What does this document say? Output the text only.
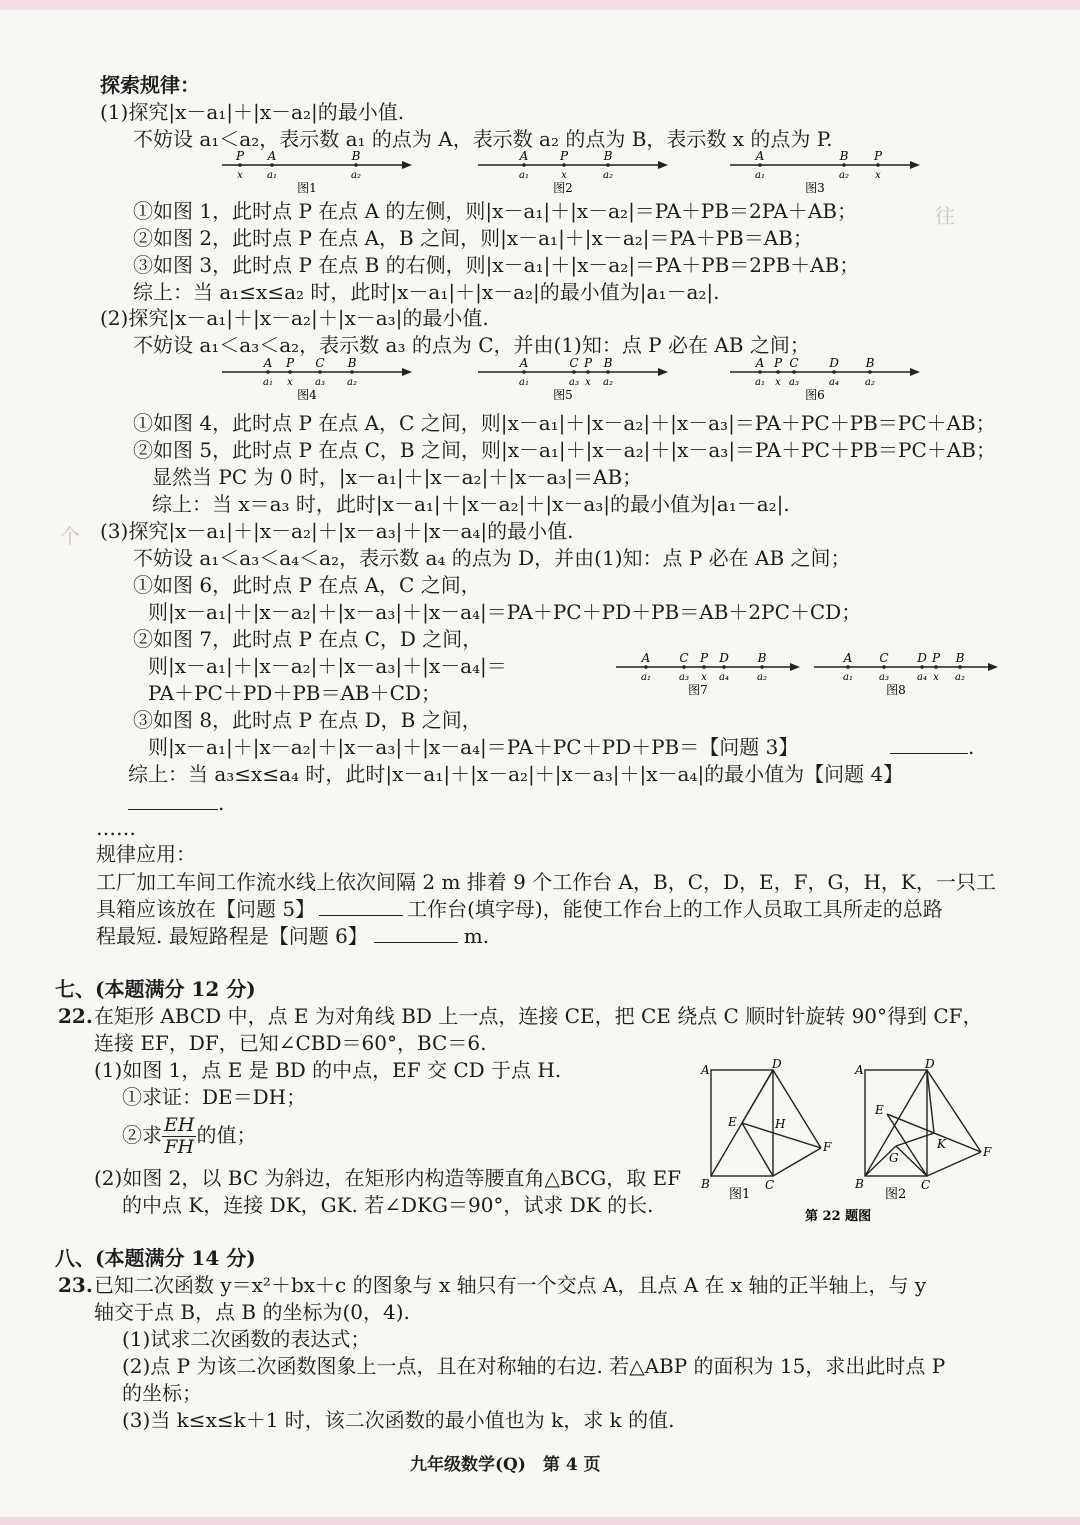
往
个
探索规律：
(1)探究|x－a₁|＋|x－a₂|的最小值.
不妨设 a₁＜a₂，表示数 a₁ 的点为 A，表示数 a₂ 的点为 B，表示数 x 的点为 P.
P
x
A
a₁
B
a₂
图1
A
a₁
P
x
B
a₂
图2
A
a₁
B
a₂
P
x
图3
①如图 1，此时点 P 在点 A 的左侧，则|x－a₁|＋|x－a₂|＝PA＋PB＝2PA＋AB；
②如图 2，此时点 P 在点 A，B 之间，则|x－a₁|＋|x－a₂|＝PA＋PB＝AB；
③如图 3，此时点 P 在点 B 的右侧，则|x－a₁|＋|x－a₂|＝PA＋PB＝2PB＋AB；
综上：当 a₁≤x≤a₂ 时，此时|x－a₁|＋|x－a₂|的最小值为|a₁－a₂|.
(2)探究|x－a₁|＋|x－a₂|＋|x－a₃|的最小值.
不妨设 a₁＜a₃＜a₂，表示数 a₃ 的点为 C，并由(1)知：点 P 必在 AB 之间；
A
a₁
P
x
C
a₃
B
a₂
图4
A
a₁
C
a₃
P
x
B
a₂
图5
A
a₁
P
x
C
a₃
D
a₄
B
a₂
图6
①如图 4，此时点 P 在点 A，C 之间，则|x－a₁|＋|x－a₂|＋|x－a₃|＝PA＋PC＋PB＝PC＋AB；
②如图 5，此时点 P 在点 C，B 之间，则|x－a₁|＋|x－a₂|＋|x－a₃|＝PA＋PC＋PB＝PC＋AB；
显然当 PC 为 0 时，|x－a₁|＋|x－a₂|＋|x－a₃|＝AB；
综上：当 x＝a₃ 时，此时|x－a₁|＋|x－a₂|＋|x－a₃|的最小值为|a₁－a₂|.
(3)探究|x－a₁|＋|x－a₂|＋|x－a₃|＋|x－a₄|的最小值.
不妨设 a₁＜a₃＜a₄＜a₂，表示数 a₄ 的点为 D，并由(1)知：点 P 必在 AB 之间；
①如图 6，此时点 P 在点 A，C 之间，
则|x－a₁|＋|x－a₂|＋|x－a₃|＋|x－a₄|＝PA＋PC＋PD＋PB＝AB＋2PC＋CD；
②如图 7，此时点 P 在点 C，D 之间，
则|x－a₁|＋|x－a₂|＋|x－a₃|＋|x－a₄|＝
PA＋PC＋PD＋PB＝AB＋CD；
A
a₁
C
a₃
P
x
D
a₄
B
a₂
图7
A
a₁
C
a₃
D
a₄
P
x
B
a₂
图8
③如图 8，此时点 P 在点 D，B 之间，
则|x－a₁|＋|x－a₂|＋|x－a₃|＋|x－a₄|＝PA＋PC＋PD＋PB＝【问题 3】	.
综上：当 a₃≤x≤a₄ 时，此时|x－a₁|＋|x－a₂|＋|x－a₃|＋|x－a₄|的最小值为【问题 4】
.
……
规律应用：
工厂加工车间工作流水线上依次间隔 2 m 排着 9 个工作台 A，B，C，D，E，F，G，H，K，一只工
具箱应该放在【问题 5】	工作台(填字母)，能使工作台上的工作人员取工具所走的总路
程最短. 最短路程是【问题 6】	m.
七、(本题满分 12 分)
22. 在矩形 ABCD 中，点 E 为对角线 BD 上一点，连接 CE，把 CE 绕点 C 顺时针旋转 90°得到 CF，
连接 EF，DF，已知∠CBD＝60°，BC＝6.
(1)如图 1，点 E 是 BD 的中点，EF 交 CD 于点 H.
①求证：DE＝DH；
②求 $\frac{EH}{FH}$ 的值；
(2)如图 2，以 BC 为斜边，在矩形内构造等腰直角△BCG，取 EF
的中点 K，连接 DK，GK. 若∠DKG＝90°，试求 DK 的长.
A	D
E	H
F
B	C
图1
A	D
E
K
G	F
B	C
图2
第 22 题图
八、(本题满分 14 分)
23. 已知二次函数 y＝x²＋bx＋c 的图象与 x 轴只有一个交点 A，且点 A 在 x 轴的正半轴上，与 y
轴交于点 B，点 B 的坐标为(0，4).
(1)试求二次函数的表达式；
(2)点 P 为该二次函数图象上一点，且在对称轴的右边. 若△ABP 的面积为 15，求出此时点 P
的坐标；
(3)当 k≤x≤k＋1 时，该二次函数的最小值也为 k，求 k 的值.
九年级数学(Q)　第 4 页
